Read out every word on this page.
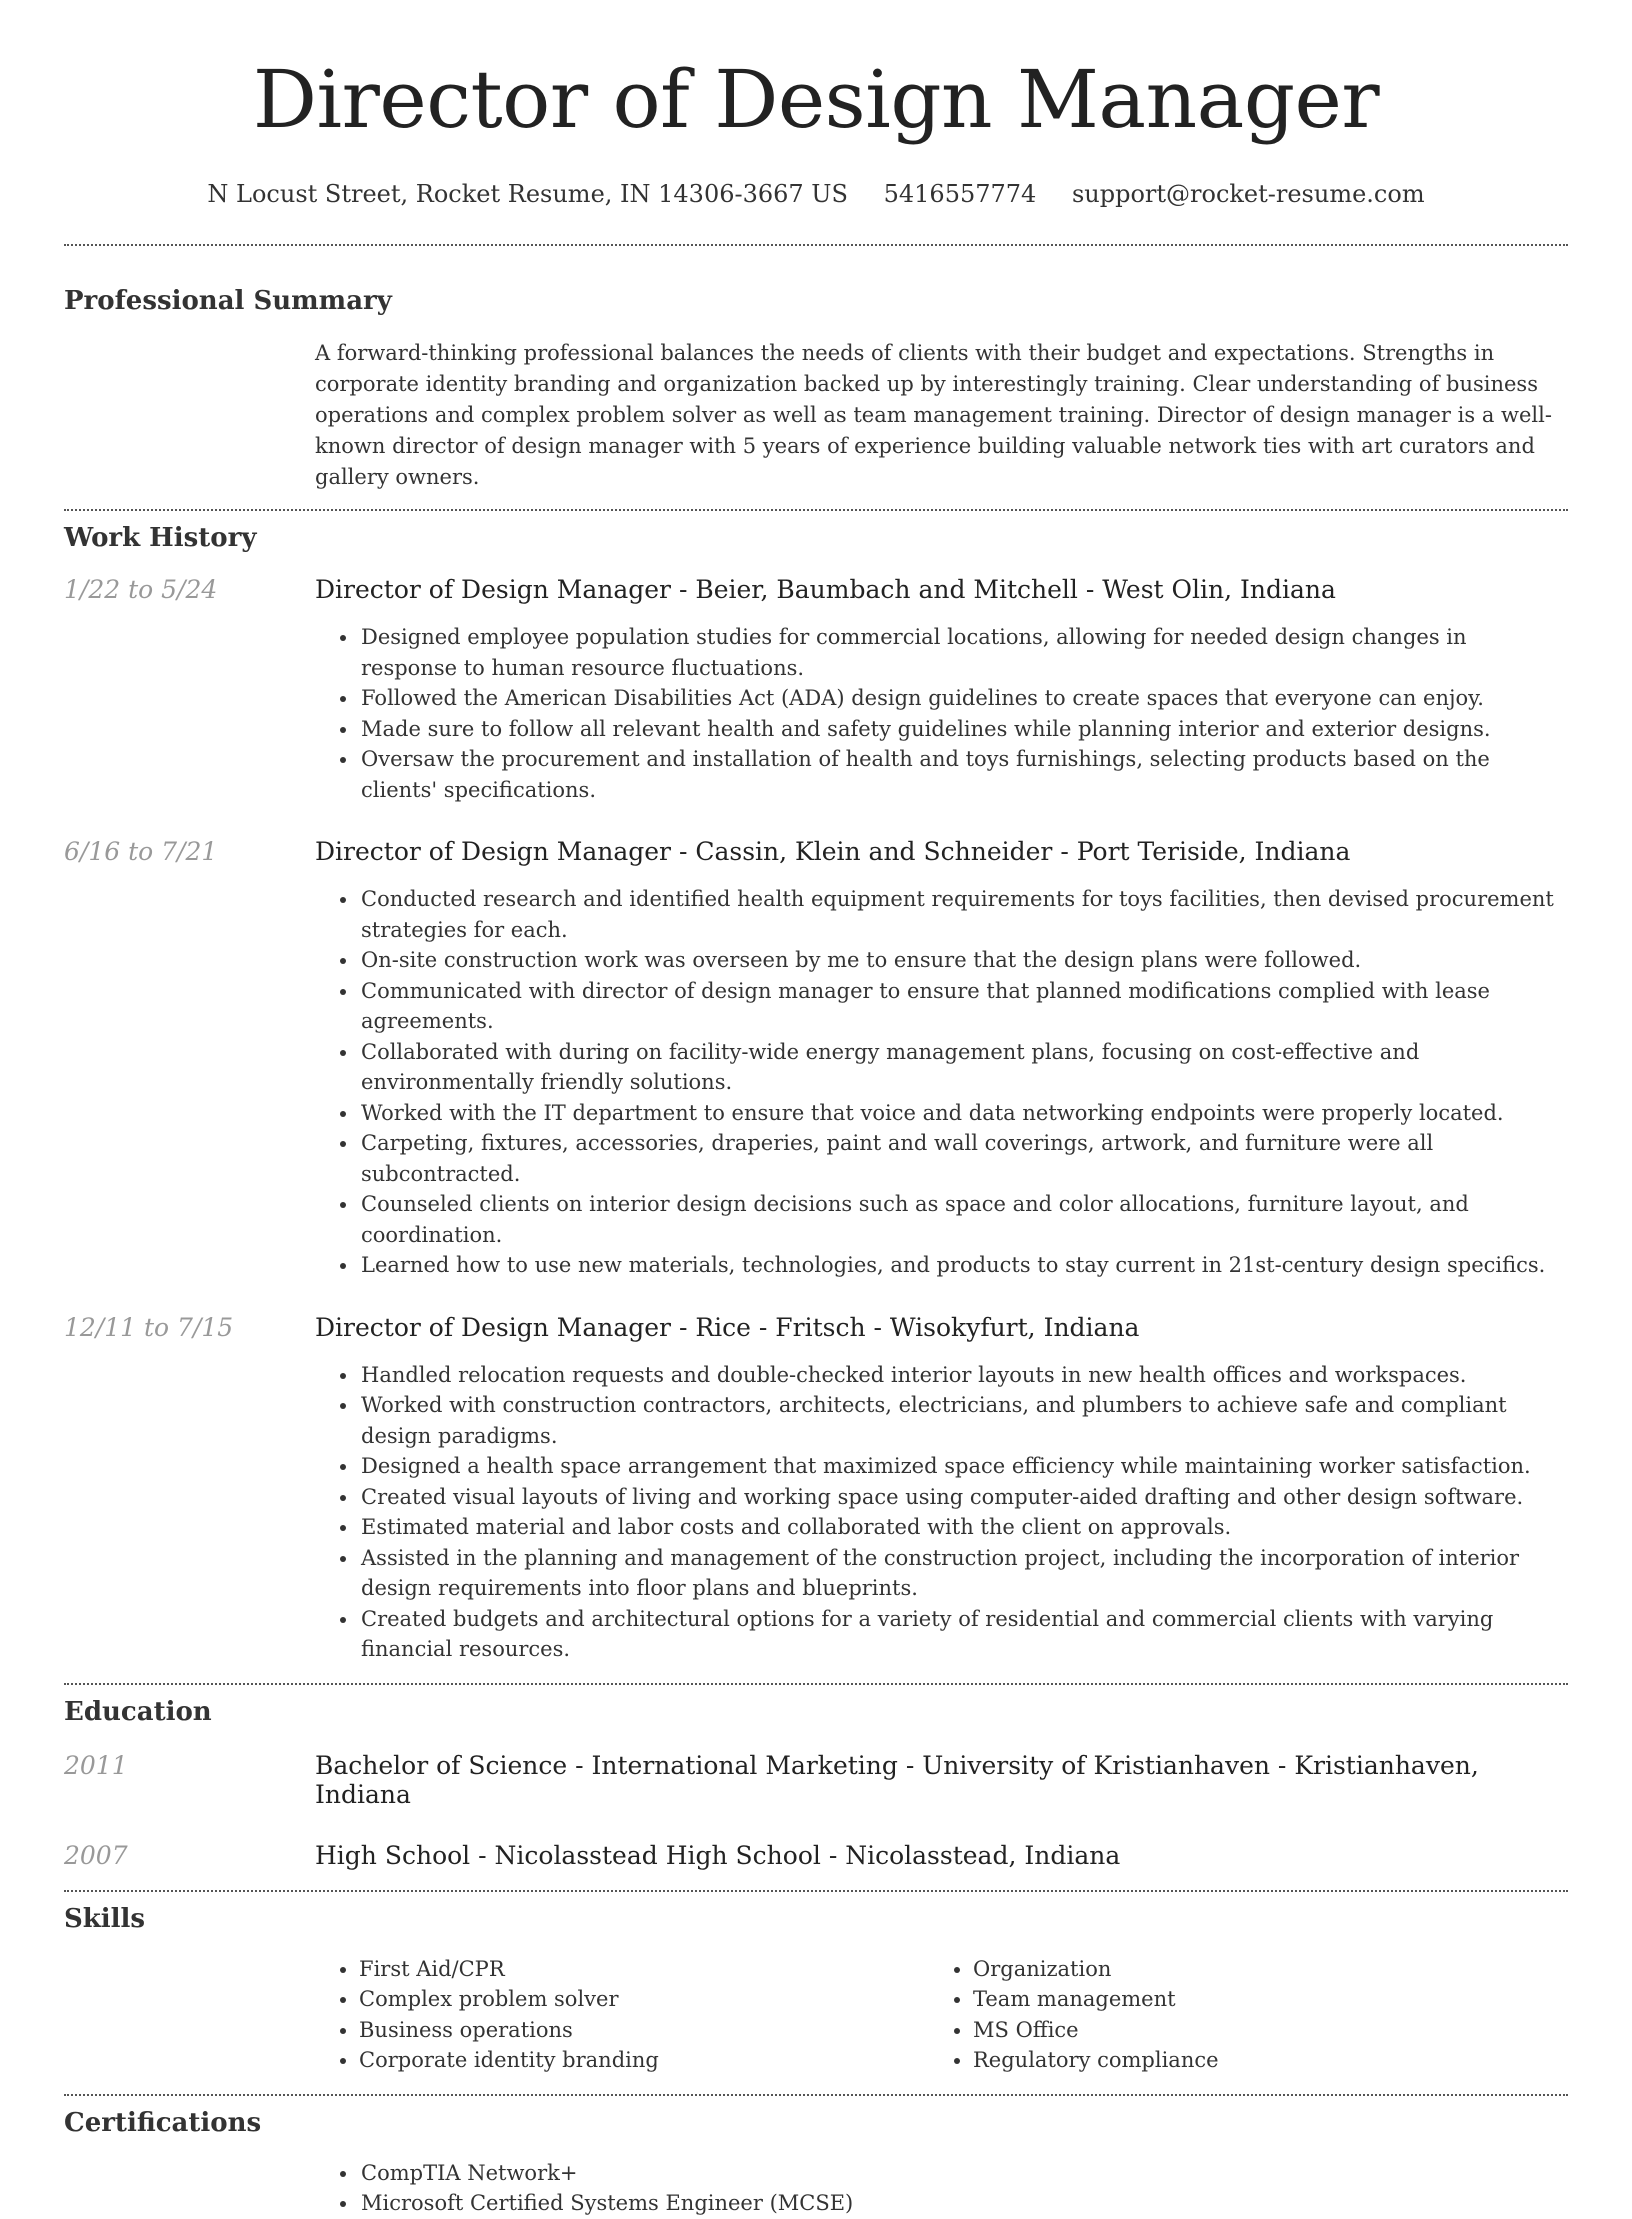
Director of Design Manager
N Locust Street, Rocket Resume, IN 14306-3667 US 5416557774 support@rocket-resume.com
Professional Summary
A forward-thinking professional balances the needs of clients with their budget and expectations. Strengths in corporate identity branding and organization backed up by interestingly training. Clear understanding of business operations and complex problem solver as well as team management training. Director of design manager is a well-known director of design manager with 5 years of experience building valuable network ties with art curators and gallery owners.
Work History
1/22 to 5/24	Director of Design Manager - Beier, Baumbach and Mitchell - West Olin, Indiana
• Designed employee population studies for commercial locations, allowing for needed design changes in response to human resource fluctuations.
• Followed the American Disabilities Act (ADA) design guidelines to create spaces that everyone can enjoy.
• Made sure to follow all relevant health and safety guidelines while planning interior and exterior designs.
• Oversaw the procurement and installation of health and toys furnishings, selecting products based on the clients' specifications.
6/16 to 7/21	Director of Design Manager - Cassin, Klein and Schneider - Port Teriside, Indiana
• Conducted research and identified health equipment requirements for toys facilities, then devised procurement strategies for each.
• On-site construction work was overseen by me to ensure that the design plans were followed.
• Communicated with director of design manager to ensure that planned modifications complied with lease agreements.
• Collaborated with during on facility-wide energy management plans, focusing on cost-effective and environmentally friendly solutions.
• Worked with the IT department to ensure that voice and data networking endpoints were properly located.
• Carpeting, fixtures, accessories, draperies, paint and wall coverings, artwork, and furniture were all subcontracted.
• Counseled clients on interior design decisions such as space and color allocations, furniture layout, and coordination.
• Learned how to use new materials, technologies, and products to stay current in 21st-century design specifics.
12/11 to 7/15	Director of Design Manager - Rice - Fritsch - Wisokyfurt, Indiana
• Handled relocation requests and double-checked interior layouts in new health offices and workspaces.
• Worked with construction contractors, architects, electricians, and plumbers to achieve safe and compliant design paradigms.
• Designed a health space arrangement that maximized space efficiency while maintaining worker satisfaction.
• Created visual layouts of living and working space using computer-aided drafting and other design software.
• Estimated material and labor costs and collaborated with the client on approvals.
• Assisted in the planning and management of the construction project, including the incorporation of interior design requirements into floor plans and blueprints.
• Created budgets and architectural options for a variety of residential and commercial clients with varying financial resources.
Education
2011	Bachelor of Science - International Marketing - University of Kristianhaven - Kristianhaven, Indiana
2007	High School - Nicolasstead High School - Nicolasstead, Indiana
Skills
• First Aid/CPR
• Complex problem solver
• Business operations
• Corporate identity branding
• Organization
• Team management
• MS Office
• Regulatory compliance
Certifications
• CompTIA Network+
• Microsoft Certified Systems Engineer (MCSE)
